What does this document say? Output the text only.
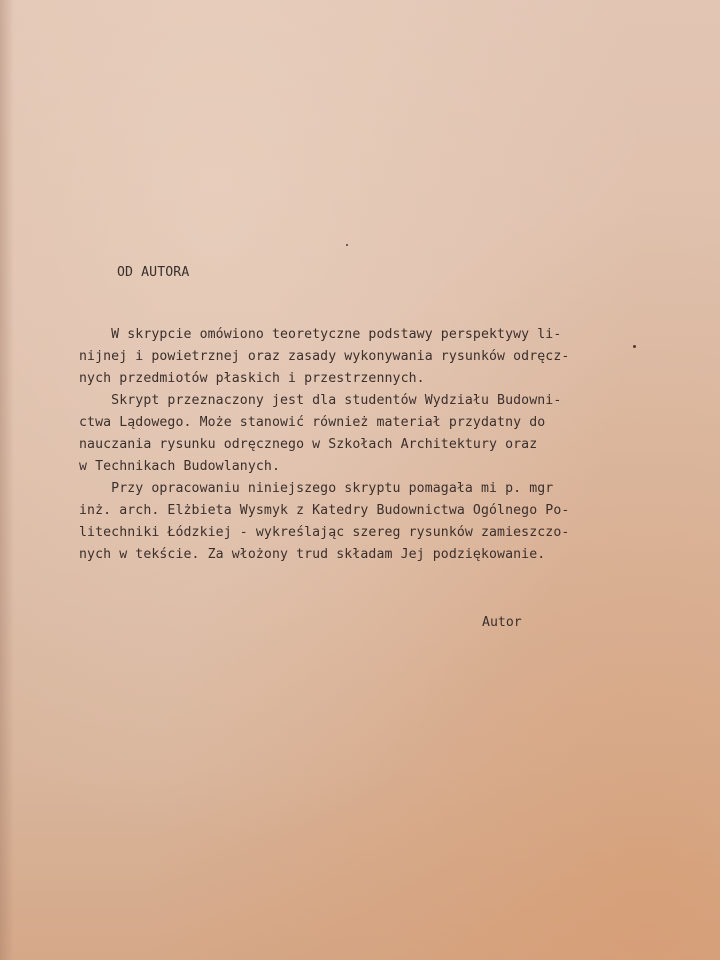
OD AUTORA
W skrypcie omówiono teoretyczne podstawy perspektywy li-
nijnej i powietrznej oraz zasady wykonywania rysunków odręcz-
nych przedmiotów płaskich i przestrzennych.
Skrypt przeznaczony jest dla studentów Wydziału Budowni-
ctwa Lądowego. Może stanowić również materiał przydatny do
nauczania rysunku odręcznego w Szkołach Architektury oraz
w Technikach Budowlanych.
Przy opracowaniu niniejszego skryptu pomagała mi p. mgr
inż. arch. Elżbieta Wysmyk z Katedry Budownictwa Ogólnego Po-
litechniki Łódzkiej - wykreślając szereg rysunków zamieszczo-
nych w tekście. Za włożony trud składam Jej podziękowanie.
Autor
